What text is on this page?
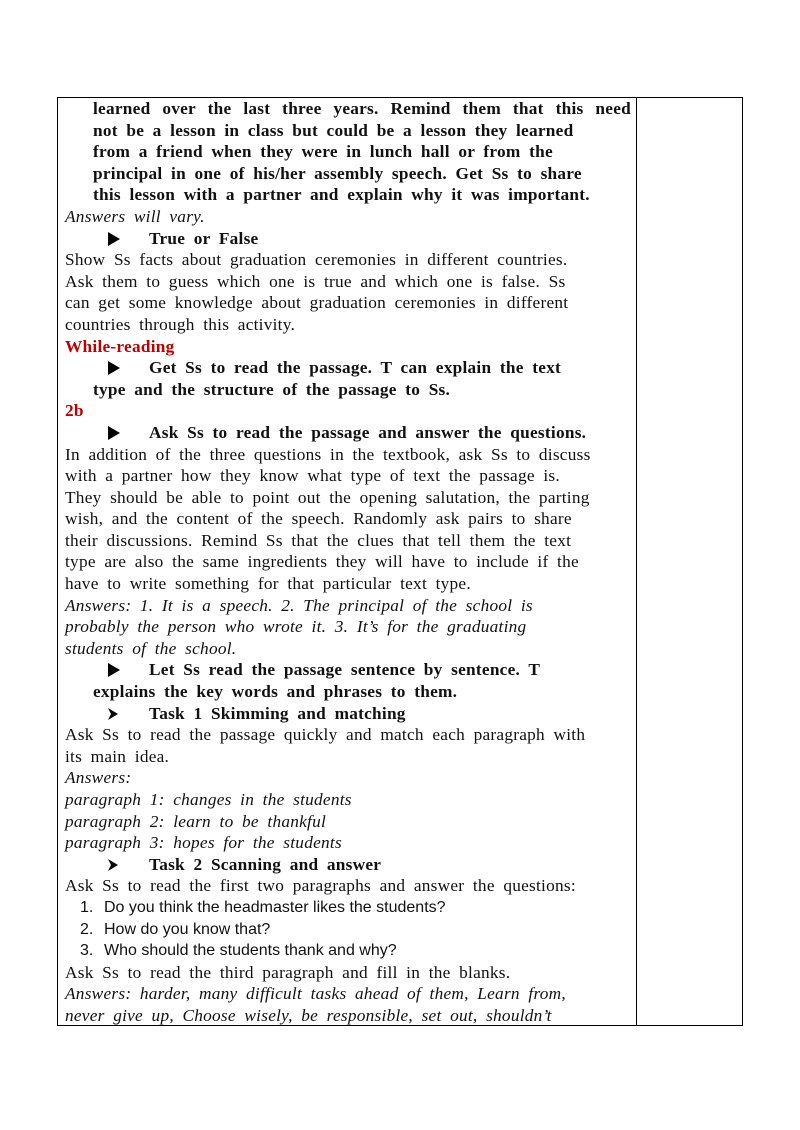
learned over the last three years. Remind them that this need
not be a lesson in class but could be a lesson they learned
from a friend when they were in lunch hall or from the
principal in one of his/her assembly speech. Get Ss to share
this lesson with a partner and explain why it was important.
Answers will vary.
True or False
Show Ss facts about graduation ceremonies in different countries.
Ask them to guess which one is true and which one is false. Ss
can get some knowledge about graduation ceremonies in different
countries through this activity.
While-reading
Get Ss to read the passage. T can explain the text
type and the structure of the passage to Ss.
2b
Ask Ss to read the passage and answer the questions.
In addition of the three questions in the textbook, ask Ss to discuss
with a partner how they know what type of text the passage is.
They should be able to point out the opening salutation, the parting
wish, and the content of the speech. Randomly ask pairs to share
their discussions. Remind Ss that the clues that tell them the text
type are also the same ingredients they will have to include if the
have to write something for that particular text type.
Answers: 1. It is a speech. 2. The principal of the school is
probably the person who wrote it. 3. It’s for the graduating
students of the school.
Let Ss read the passage sentence by sentence. T
explains the key words and phrases to them.
Task 1 Skimming and matching
Ask Ss to read the passage quickly and match each paragraph with
its main idea.
Answers:
paragraph 1: changes in the students
paragraph 2: learn to be thankful
paragraph 3: hopes for the students
Task 2 Scanning and answer
Ask Ss to read the first two paragraphs and answer the questions:
1. Do you think the headmaster likes the students?
2. How do you know that?
3. Who should the students thank and why?
Ask Ss to read the third paragraph and fill in the blanks.
Answers: harder, many difficult tasks ahead of them, Learn from,
never give up, Choose wisely, be responsible, set out, shouldn’t
